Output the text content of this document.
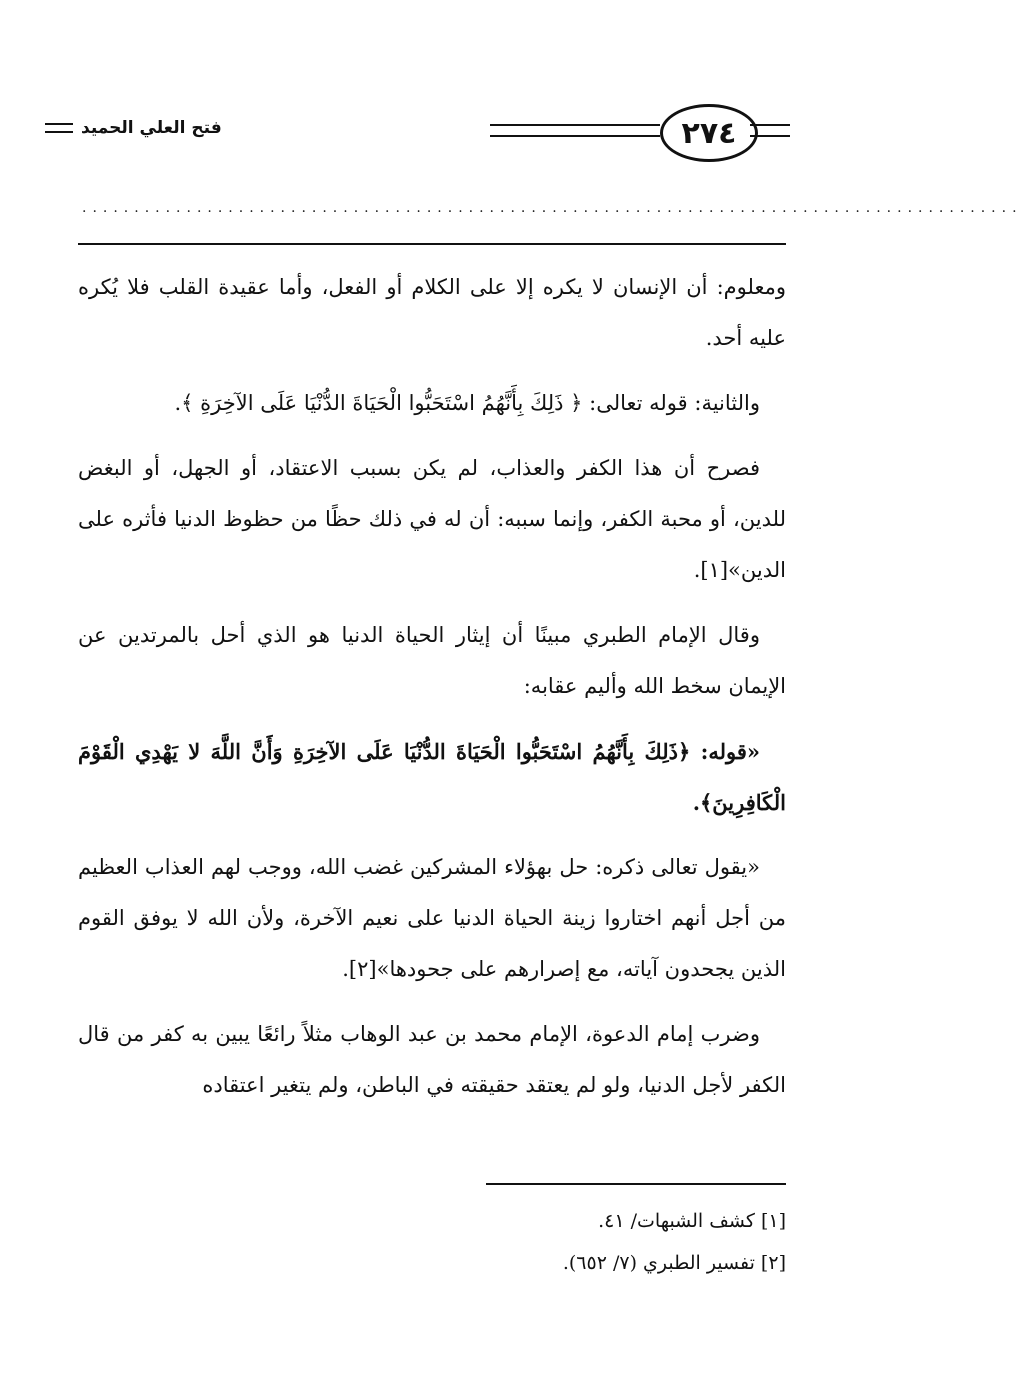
فتح العلي الحميد	٢٧٤
..........................................................................................

ومعلوم: أن الإنسان لا يكره إلا على الكلام أو الفعل، وأما عقيدة القلب فلا يُكره عليه أحد.

والثانية: قوله تعالى: ﴿ ذَلِكَ بِأَنَّهُمُ اسْتَحَبُّوا الْحَيَاةَ الدُّنْيَا عَلَى الآخِرَةِ ﴾.

فصرح أن هذا الكفر والعذاب، لم يكن بسبب الاعتقاد، أو الجهل، أو البغض للدين، أو محبة الكفر، وإنما سببه: أن له في ذلك حظًا من حظوظ الدنيا فأثره على الدين»[١].

وقال الإمام الطبري مبينًا أن إيثار الحياة الدنيا هو الذي أحل بالمرتدين عن الإيمان سخط الله وأليم عقابه:

«قوله: ﴿ذَلِكَ بِأَنَّهُمُ اسْتَحَبُّوا الْحَيَاةَ الدُّنْيَا عَلَى الآخِرَةِ وَأَنَّ اللَّهَ لا يَهْدِي الْقَوْمَ الْكَافِرِينَ﴾.

«يقول تعالى ذكره: حل بهؤلاء المشركين غضب الله، ووجب لهم العذاب العظيم من أجل أنهم اختاروا زينة الحياة الدنيا على نعيم الآخرة، ولأن الله لا يوفق القوم الذين يجحدون آياته، مع إصرارهم على جحودها»[٢].

وضرب إمام الدعوة، الإمام محمد بن عبد الوهاب مثلاً رائعًا يبين به كفر من قال الكفر لأجل الدنيا، ولو لم يعتقد حقيقته في الباطن، ولم يتغير اعتقاده

[١] كشف الشبهات/ ٤١.
[٢] تفسير الطبري (٧/ ٦٥٢).
